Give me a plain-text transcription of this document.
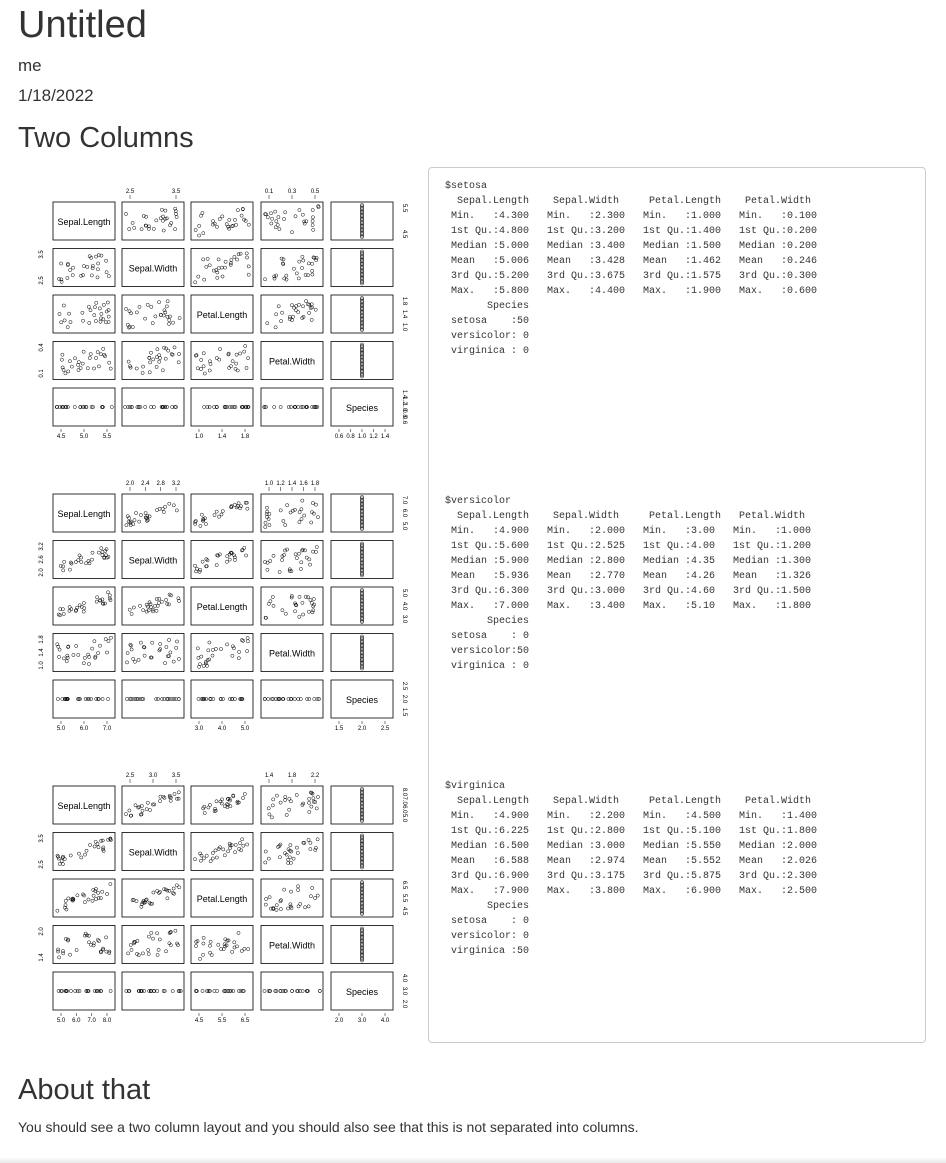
Untitled
me
1/18/2022
Two Columns
Sepal.Length
Sepal.Width
Petal.Length
Petal.Width
Species
2.5	3.5	0.1 0.3 0.5
4.5 5.0 5.5	1.0 1.4 1.8	0.6 0.8 1.0 1.2 1.4
4.5
5.5
1.0
1.4
1.8
0.6
0.8
1.0
1.2
1.4
2.5
3.5
0.1
0.4
Sepal.Length
Sepal.Width
Petal.Length
Petal.Width
Species
2.0 2.4 2.8 3.2	1.0 1.2 1.4 1.6 1.8
5.0 6.0 7.0	3.0 4.0 5.0	1.5 2.0 2.5
5.0
6.0
7.0
3.0
4.0
5.0
1.5
2.0
2.5
2.0
2.6
3.2
1.0
1.4
1.8
Sepal.Length
Sepal.Width
Petal.Length
Petal.Width
Species
2.5 3.0 3.5	1.4 1.8 2.2
5.0 6.0 7.0 8.0	4.5 5.5 6.5	2.0 3.0 4.0
5.0
6.0
7.0
8.0
4.5
5.5
6.5
2.0
3.0
4.0
2.5
3.5
1.4
2.0
$setosa
Sepal.Length    Sepal.Width     Petal.Length    Petal.Width
Min.   :4.300   Min.   :2.300   Min.   :1.000   Min.   :0.100
1st Qu.:4.800   1st Qu.:3.200   1st Qu.:1.400   1st Qu.:0.200
Median :5.000   Median :3.400   Median :1.500   Median :0.200
Mean   :5.006   Mean   :3.428   Mean   :1.462   Mean   :0.246
3rd Qu.:5.200   3rd Qu.:3.675   3rd Qu.:1.575   3rd Qu.:0.300
Max.   :5.800   Max.   :4.400   Max.   :1.900   Max.   :0.600
Species
setosa    :50
versicolor: 0
virginica : 0
$versicolor
Sepal.Length    Sepal.Width     Petal.Length   Petal.Width
Min.   :4.900   Min.   :2.000   Min.   :3.00   Min.   :1.000
1st Qu.:5.600   1st Qu.:2.525   1st Qu.:4.00   1st Qu.:1.200
Median :5.900   Median :2.800   Median :4.35   Median :1.300
Mean   :5.936   Mean   :2.770   Mean   :4.26   Mean   :1.326
3rd Qu.:6.300   3rd Qu.:3.000   3rd Qu.:4.60   3rd Qu.:1.500
Max.   :7.000   Max.   :3.400   Max.   :5.10   Max.   :1.800
Species
setosa    : 0
versicolor:50
virginica : 0
$virginica
Sepal.Length    Sepal.Width     Petal.Length    Petal.Width
Min.   :4.900   Min.   :2.200   Min.   :4.500   Min.   :1.400
1st Qu.:6.225   1st Qu.:2.800   1st Qu.:5.100   1st Qu.:1.800
Median :6.500   Median :3.000   Median :5.550   Median :2.000
Mean   :6.588   Mean   :2.974   Mean   :5.552   Mean   :2.026
3rd Qu.:6.900   3rd Qu.:3.175   3rd Qu.:5.875   3rd Qu.:2.300
Max.   :7.900   Max.   :3.800   Max.   :6.900   Max.   :2.500
Species
setosa    : 0
versicolor: 0
virginica :50
About that
You should see a two column layout and you should also see that this is not separated into columns.
